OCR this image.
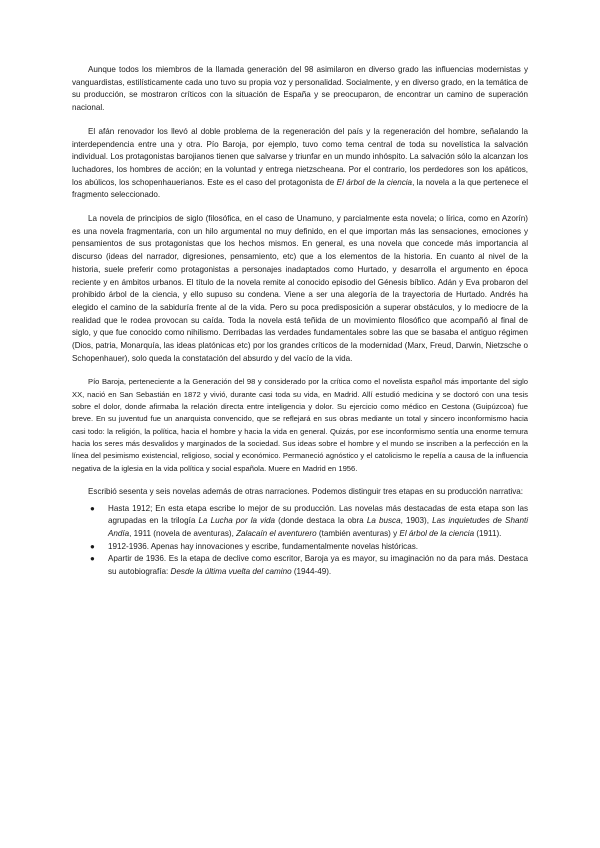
Aunque todos los miembros de la llamada generación del 98 asimilaron en diverso grado las influencias modernistas y vanguardistas, estilísticamente cada uno tuvo su propia voz y personalidad. Socialmente, y en diverso grado, en la temática de su producción, se mostraron críticos con la situación de España y se preocuparon, de encontrar un camino de superación nacional.

El afán renovador los llevó al doble problema de la regeneración del país y la regeneración del hombre, señalando la interdependencia entre una y otra. Pío Baroja, por ejemplo, tuvo como tema central de toda su novelística la salvación individual. Los protagonistas barojianos tienen que salvarse y triunfar en un mundo inhóspito. La salvación sólo la alcanzan los luchadores, los hombres de acción; en la voluntad y entrega nietzscheana. Por el contrario, los perdedores son los apáticos, los abúlicos, los schopenhauerianos. Este es el caso del protagonista de El árbol de la ciencia, la novela a la que pertenece el fragmento seleccionado.

La novela de principios de siglo (filosófica, en el caso de Unamuno, y parcialmente esta novela; o lírica, como en Azorín) es una novela fragmentaria, con un hilo argumental no muy definido, en el que importan más las sensaciones, emociones y pensamientos de sus protagonistas que los hechos mismos. En general, es una novela que concede más importancia al discurso (ideas del narrador, digresiones, pensamiento, etc) que a los elementos de la historia. En cuanto al nivel de la historia, suele preferir como protagonistas a personajes inadaptados como Hurtado, y desarrolla el argumento en época reciente y en ámbitos urbanos. El título de la novela remite al conocido episodio del Génesis bíblico. Adán y Eva probaron del prohibido árbol de la ciencia, y ello supuso su condena. Viene a ser una alegoría de la trayectoria de Hurtado. Andrés ha elegido el camino de la sabiduría frente al de la vida. Pero su poca predisposición a superar obstáculos, y lo mediocre de la realidad que le rodea provocan su caída. Toda la novela está teñida de un movimiento filosófico que acompañó al final de siglo, y que fue conocido como nihilismo. Derribadas las verdades fundamentales sobre las que se basaba el antiguo régimen (Dios, patria, Monarquía, las ideas platónicas etc) por los grandes críticos de la modernidad (Marx, Freud, Darwin, Nietzsche o Schopenhauer), solo queda la constatación del absurdo y del vacío de la vida.

Pío Baroja, perteneciente a la Generación del 98 y considerado por la crítica como el novelista español más importante del siglo XX, nació en San Sebastián en 1872 y vivió, durante casi toda su vida, en Madrid. Allí estudió medicina y se doctoró con una tesis sobre el dolor, donde afirmaba la relación directa entre inteligencia y dolor. Su ejercicio como médico en Cestona (Guipúzcoa) fue breve. En su juventud fue un anarquista convencido, que se reflejará en sus obras mediante un total y sincero inconformismo hacia casi todo: la religión, la política, hacia el hombre y hacia la vida en general. Quizás, por ese inconformismo sentía una enorme ternura hacia los seres más desvalidos y marginados de la sociedad. Sus ideas sobre el hombre y el mundo se inscriben a la perfección en la línea del pesimismo existencial, religioso, social y económico. Permaneció agnóstico y el catolicismo le repelía a causa de la influencia negativa de la iglesia en la vida política y social española. Muere en Madrid en 1956.

Escribió sesenta y seis novelas además de otras narraciones. Podemos distinguir tres etapas en su producción narrativa:

● Hasta 1912; En esta etapa escribe lo mejor de su producción. Las novelas más destacadas de esta etapa son las agrupadas en la trilogía La Lucha por la vida (donde destaca la obra La busca, 1903), Las inquietudes de Shanti Andía, 1911 (novela de aventuras), Zalacaín el aventurero (también aventuras) y El árbol de la ciencia (1911).
● 1912-1936. Apenas hay innovaciones y escribe, fundamentalmente novelas históricas.
● Apartir de 1936. Es la etapa de declive como escritor, Baroja ya es mayor, su imaginación no da para más. Destaca su autobiografía: Desde la última vuelta del camino (1944-49).
